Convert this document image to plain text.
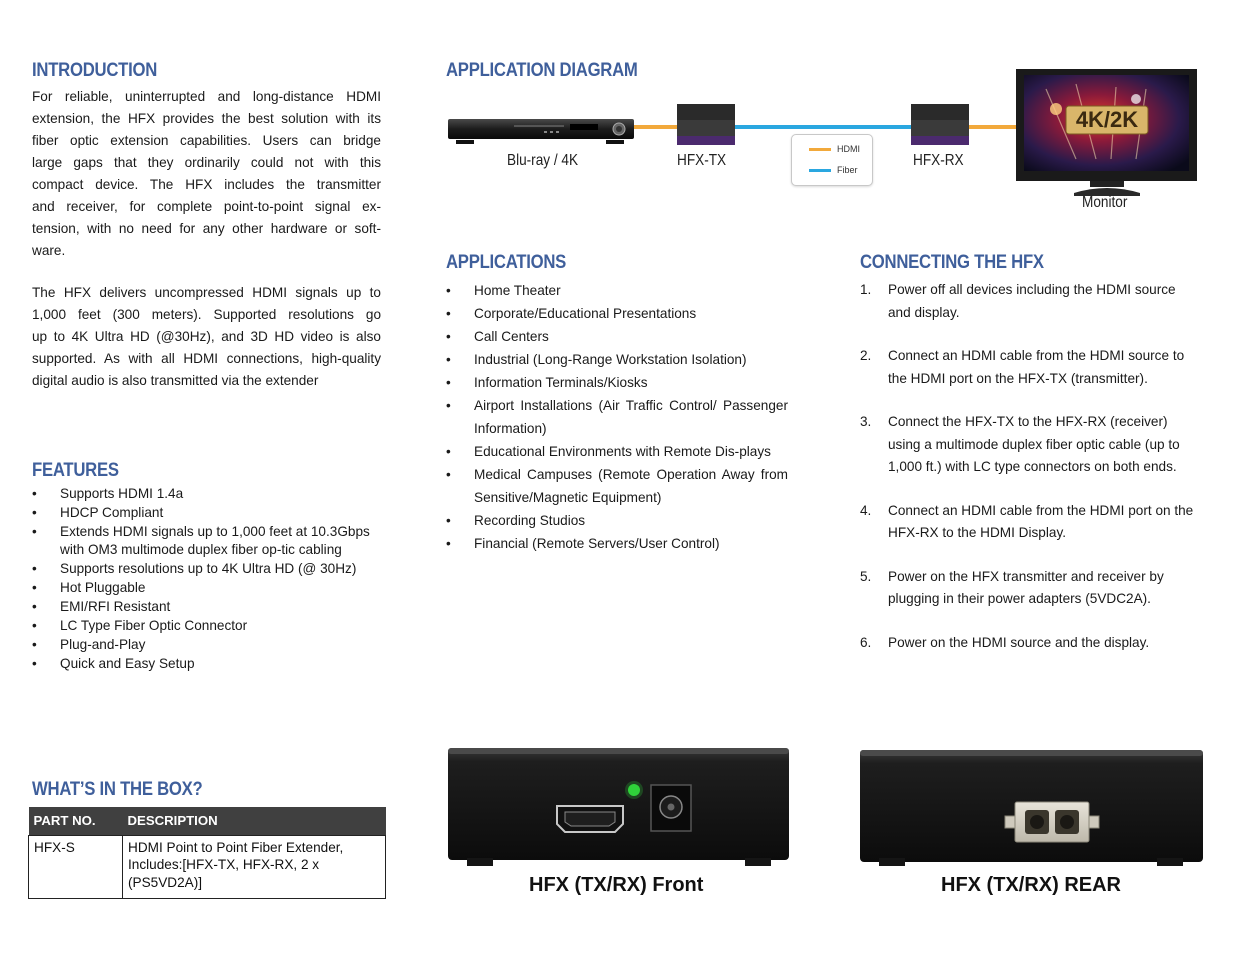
INTRODUCTION
For reliable, uninterrupted and long-distance HDMI
extension, the HFX provides the best solution with its
fiber optic extension capabilities. Users can bridge
large gaps that they ordinarily could not with this
compact device. The HFX includes the transmitter
and receiver, for complete point-to-point signal ex-
tension, with no need for any other hardware or soft-
ware.
The HFX delivers uncompressed HDMI signals up to
1,000 feet (300 meters). Supported resolutions go
up to 4K Ultra HD (@30Hz), and 3D HD video is also
supported. As with all HDMI connections, high-quality
digital audio is also transmitted via the extender
FEATURES
• Supports HDMI 1.4a
• HDCP Compliant
• Extends HDMI signals up to 1,000 feet at 10.3Gbps with OM3 multimode duplex fiber op-tic cabling
• Supports resolutions up to 4K Ultra HD (@ 30Hz)
• Hot Pluggable
• EMI/RFI Resistant
• LC Type Fiber Optic Connector
• Plug-and-Play
• Quick and Easy Setup
WHAT’S IN THE BOX?
PART NO.	DESCRIPTION
HFX-S	HDMI Point to Point Fiber Extender, Includes:[HFX-TX, HFX-RX, 2 x (PS5VD2A)]
APPLICATION DIAGRAM
Blu-ray / 4K	HFX-TX
HDMI
Fiber
HFX-RX
4K/2K
Monitor
APPLICATIONS
• Home Theater
• Corporate/Educational Presentations
• Call Centers
• Industrial (Long-Range Workstation Isolation)
• Information Terminals/Kiosks
• Airport Installations (Air Traffic Control/ Passenger Information)
• Educational Environments with Remote Dis-plays
• Medical Campuses (Remote Operation Away from Sensitive/Magnetic Equipment)
• Recording Studios
• Financial (Remote Servers/User Control)
CONNECTING THE HFX
1. Power off all devices including the HDMI source and display.
2. Connect an HDMI cable from the HDMI source to the HDMI port on the HFX-TX (transmitter).
3. Connect the HFX-TX to the HFX-RX (receiver) using a multimode duplex fiber optic cable (up to 1,000 ft.) with LC type connectors on both ends.
4. Connect an HDMI cable from the HDMI port on the HFX-RX to the HDMI Display.
5. Power on the HFX transmitter and receiver by plugging in their power adapters (5VDC2A).
6. Power on the HDMI source and the display.
HFX (TX/RX) Front	HFX (TX/RX) REAR
